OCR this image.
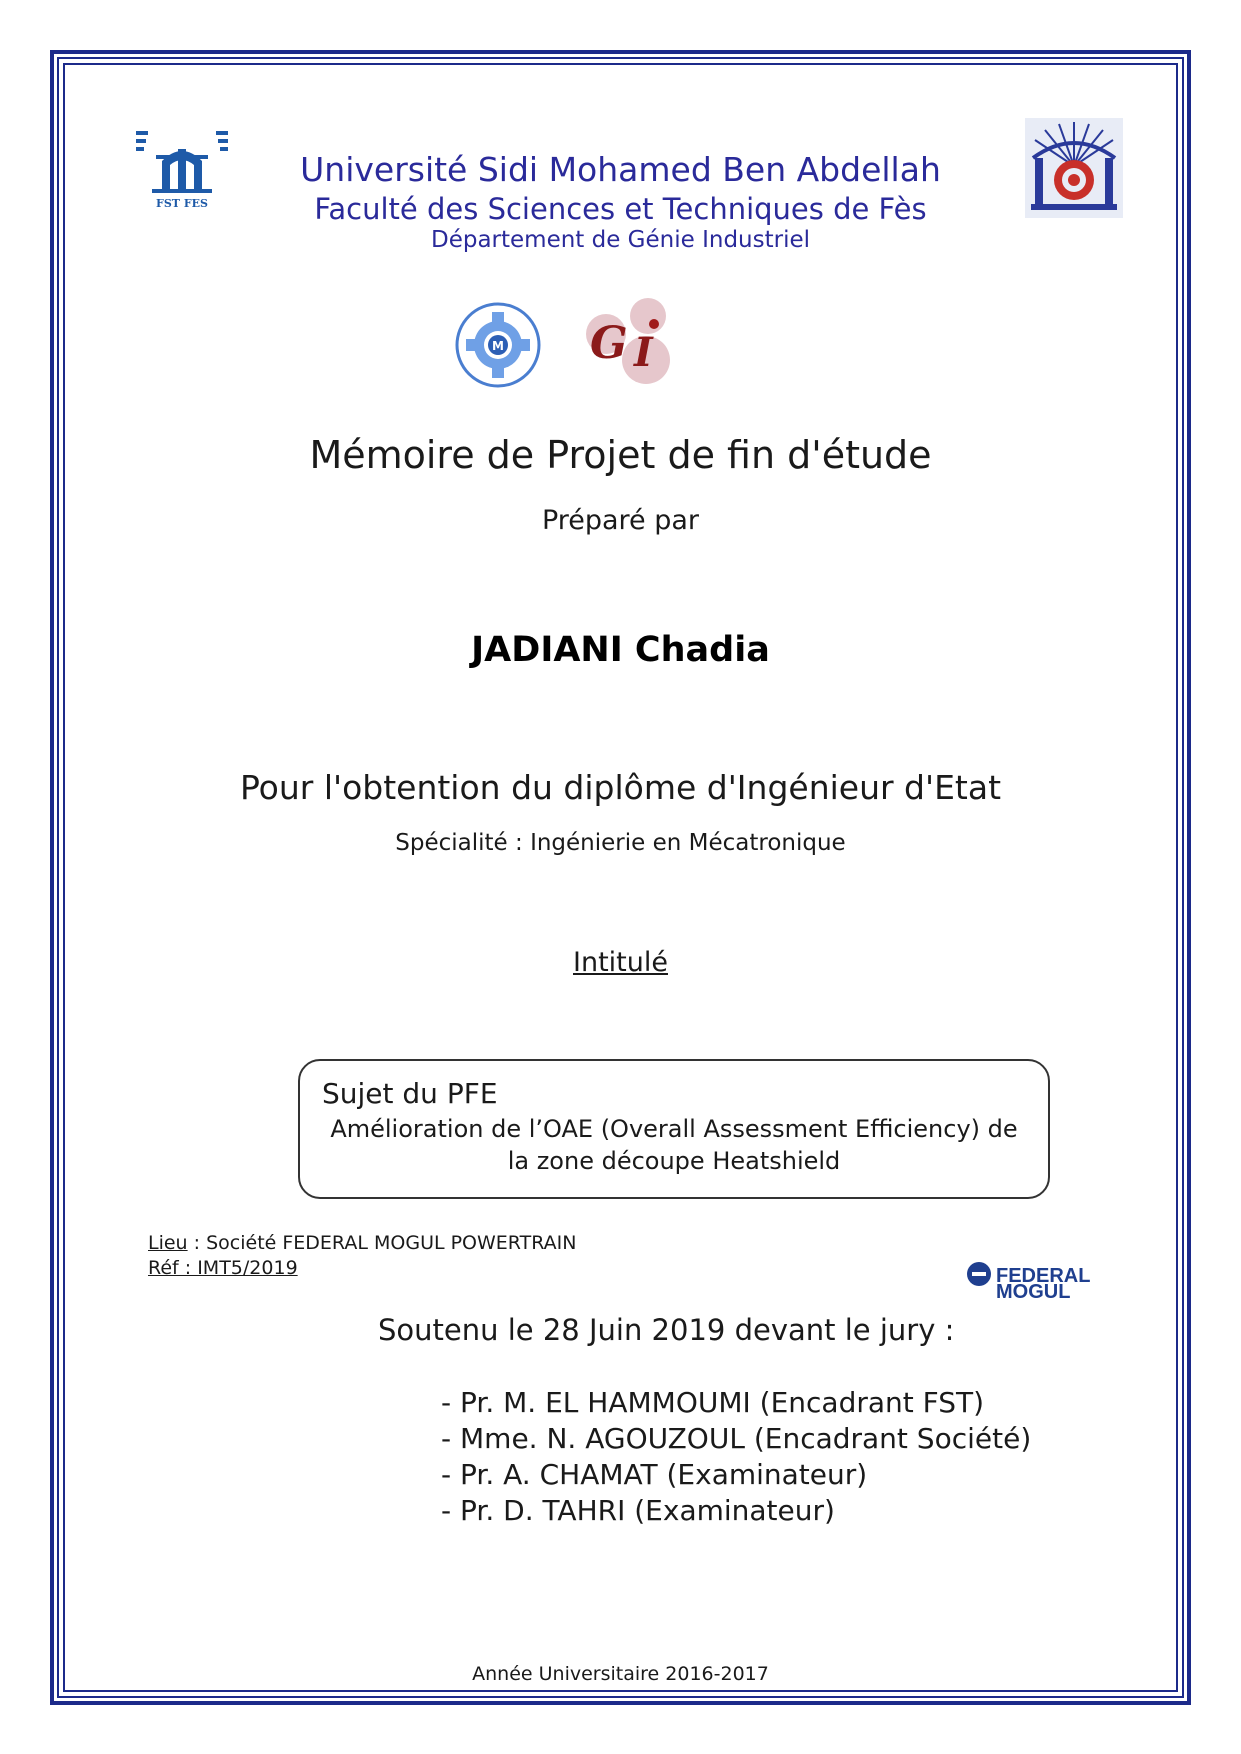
FST FES
Université Sidi Mohamed Ben Abdellah
Faculté des Sciences et Techniques de Fès
Département de Génie Industriel
M G I
Mémoire de Projet de fin d'étude
Préparé par
JADIANI Chadia
Pour l'obtention du diplôme d'Ingénieur d'Etat
Spécialité : Ingénierie en Mécatronique
Intitulé
Sujet du PFE
Amélioration de l’OAE (Overall Assessment Efficiency) de
la zone découpe Heatshield
Lieu : Société FEDERAL MOGUL POWERTRAIN
Réf : IMT5/2019	FEDERAL
MOGUL
Soutenu le 28 Juin 2019 devant le jury :
- Pr. M. EL HAMMOUMI (Encadrant FST)
- Mme. N. AGOUZOUL (Encadrant Société)
- Pr. A. CHAMAT (Examinateur)
- Pr. D. TAHRI (Examinateur)
Année Universitaire 2016-2017
